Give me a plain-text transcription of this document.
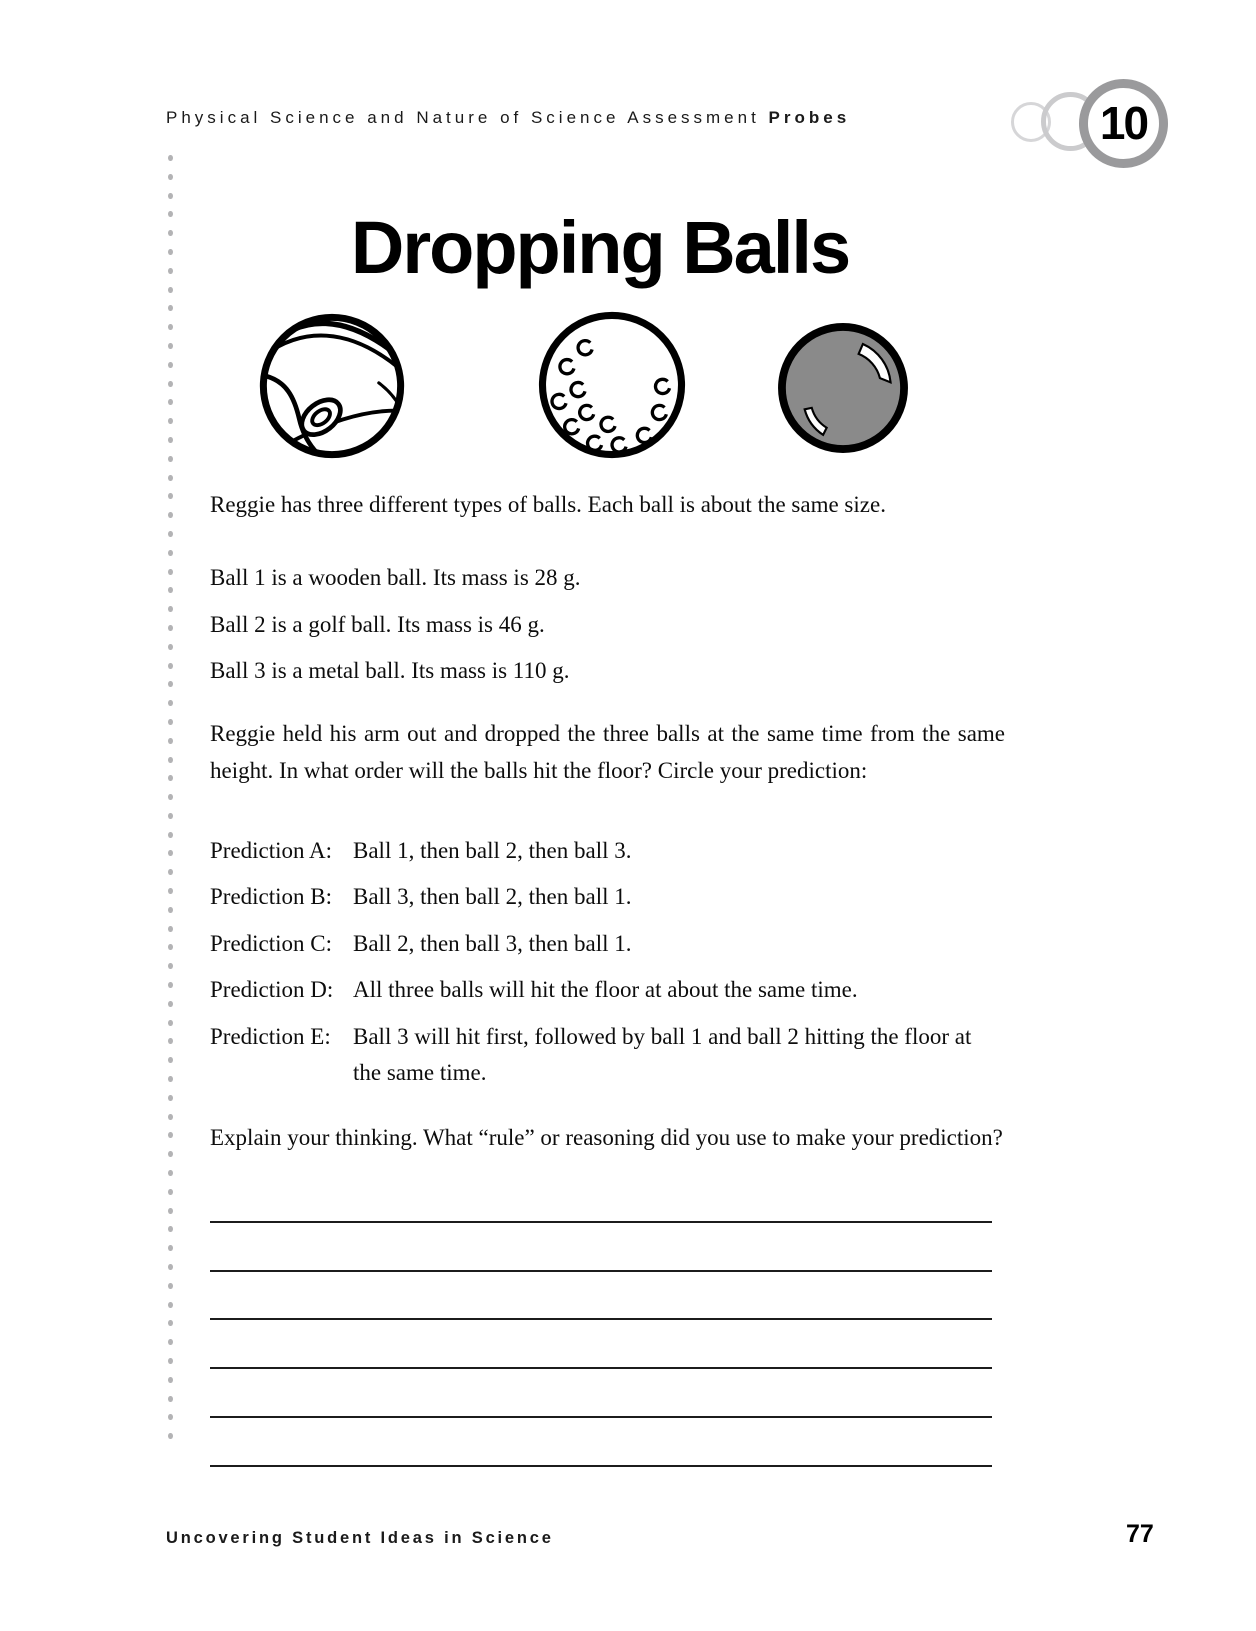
Physical Science and Nature of Science Assessment Probes	10
Dropping Balls
Reggie has three different types of balls. Each ball is about the same size.
Ball 1 is a wooden ball. Its mass is 28 g.
Ball 2 is a golf ball. Its mass is 46 g.
Ball 3 is a metal ball. Its mass is 110 g.
Reggie held his arm out and dropped the three balls at the same time from the same height. In what order will the balls hit the floor? Circle your prediction:
Prediction A: Ball 1, then ball 2, then ball 3.
Prediction B: Ball 3, then ball 2, then ball 1.
Prediction C: Ball 2, then ball 3, then ball 1.
Prediction D: All three balls will hit the floor at about the same time.
Prediction E: Ball 3 will hit first, followed by ball 1 and ball 2 hitting the floor at the same time.
Explain your thinking. What “rule” or reasoning did you use to make your prediction?
Uncovering Student Ideas in Science	77
